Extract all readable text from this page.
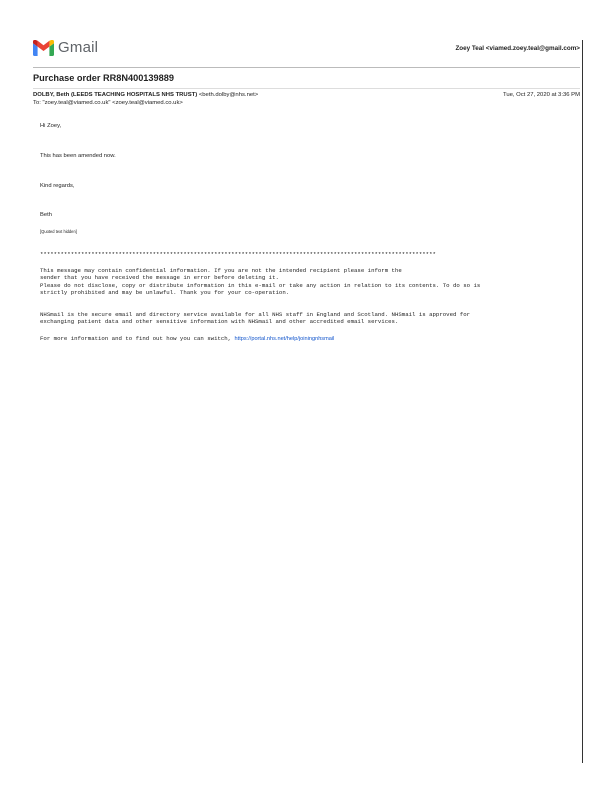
Gmail	Zoey Teal <viamed.zoey.teal@gmail.com>
Purchase order RR8N400139889
DOLBY, Beth (LEEDS TEACHING HOSPITALS NHS TRUST) <beth.dolby@nhs.net>	Tue, Oct 27, 2020 at 3:36 PM
To: "zoey.teal@viamed.co.uk" <zoey.teal@viamed.co.uk>
Hi Zoey,
This has been amended now.
Kind regards,
Beth
[Quoted text hidden]
********************************************************************************************************************
This message may contain confidential information. If you are not the intended recipient please inform the
sender that you have received the message in error before deleting it.
Please do not disclose, copy or distribute information in this e-mail or take any action in relation to its contents. To do so is
strictly prohibited and may be unlawful. Thank you for your co-operation.
NHSmail is the secure email and directory service available for all NHS staff in England and Scotland. NHSmail is approved for
exchanging patient data and other sensitive information with NHSmail and other accredited email services.
For more information and to find out how you can switch, https://portal.nhs.net/help/joiningnhsmail
